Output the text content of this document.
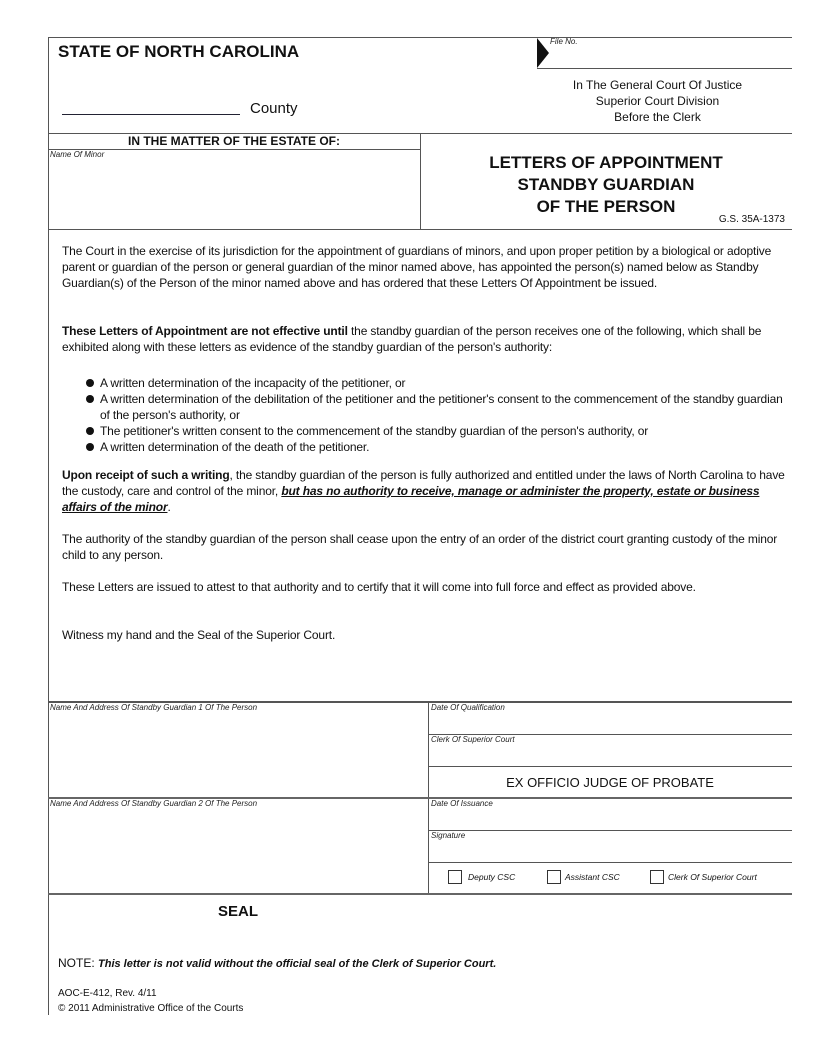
STATE OF NORTH CAROLINA
File No.
In The General Court Of Justice
Superior Court Division
Before the Clerk
County
IN THE MATTER OF THE ESTATE OF:
Name Of Minor	LETTERS OF APPOINTMENT
STANDBY GUARDIAN
OF THE PERSON
G.S. 35A-1373
The Court in the exercise of its jurisdiction for the appointment of guardians of minors, and upon proper petition by a biological or adoptive parent or guardian of the person or general guardian of the minor named above, has appointed the person(s) named below as Standby Guardian(s) of the Person of the minor named above and has ordered that these Letters Of Appointment be issued.
These Letters of Appointment are not effective until the standby guardian of the person receives one of the following, which shall be exhibited along with these letters as evidence of the standby guardian of the person's authority:
A written determination of the incapacity of the petitioner, or
A written determination of the debilitation of the petitioner and the petitioner's consent to the commencement of the standby guardian of the person's authority, or
The petitioner's written consent to the commencement of the standby guardian of the person's authority, or
A written determination of the death of the petitioner.
Upon receipt of such a writing, the standby guardian of the person is fully authorized and entitled under the laws of North Carolina to have the custody, care and control of the minor, but has no authority to receive, manage or administer the property, estate or business affairs of the minor.
The authority of the standby guardian of the person shall cease upon the entry of an order of the district court granting custody of the minor child to any person.
These Letters are issued to attest to that authority and to certify that it will come into full force and effect as provided above.
Witness my hand and the Seal of the Superior Court.
Name And Address Of Standby Guardian 1 Of The Person	Date Of Qualification
Clerk Of Superior Court
EX OFFICIO JUDGE OF PROBATE
Name And Address Of Standby Guardian 2 Of The Person	Date Of Issuance
Signature
Deputy CSC	Assistant CSC	Clerk Of Superior Court
SEAL
NOTE: This letter is not valid without the official seal of the Clerk of Superior Court.
AOC-E-412, Rev. 4/11
© 2011 Administrative Office of the Courts
